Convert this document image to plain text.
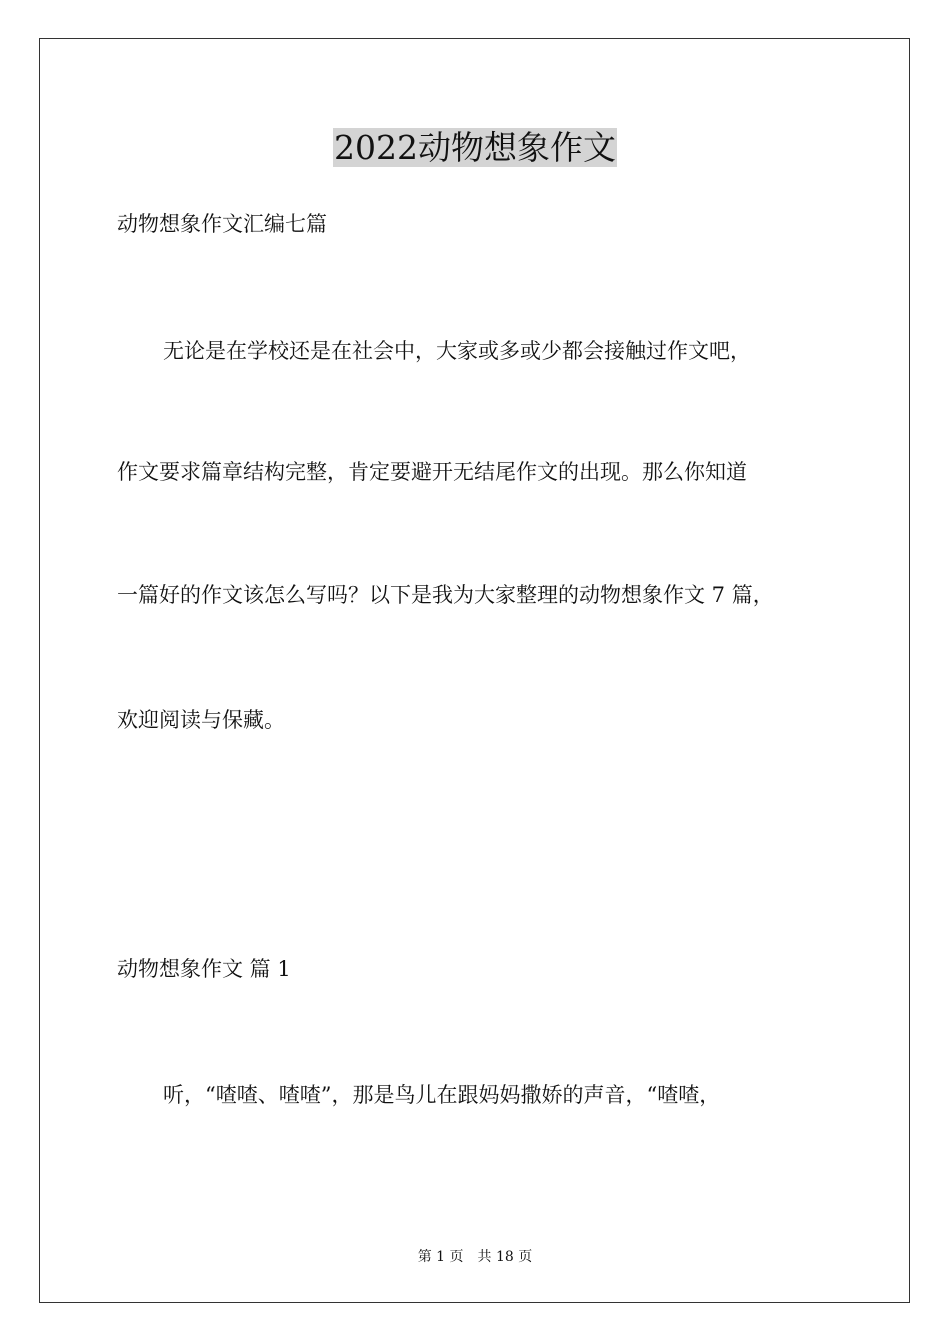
2022动物想象作文
动物想象作文汇编七篇
无论是在学校还是在社会中，大家或多或少都会接触过作文吧，
作文要求篇章结构完整，肯定要避开无结尾作文的出现。那么你知道
一篇好的作文该怎么写吗？以下是我为大家整理的动物想象作文 7 篇，
欢迎阅读与保藏。
动物想象作文 篇 1
听，“喳喳、喳喳”，那是鸟儿在跟妈妈撒娇的声音，“喳喳，
第 1 页 共 18 页
